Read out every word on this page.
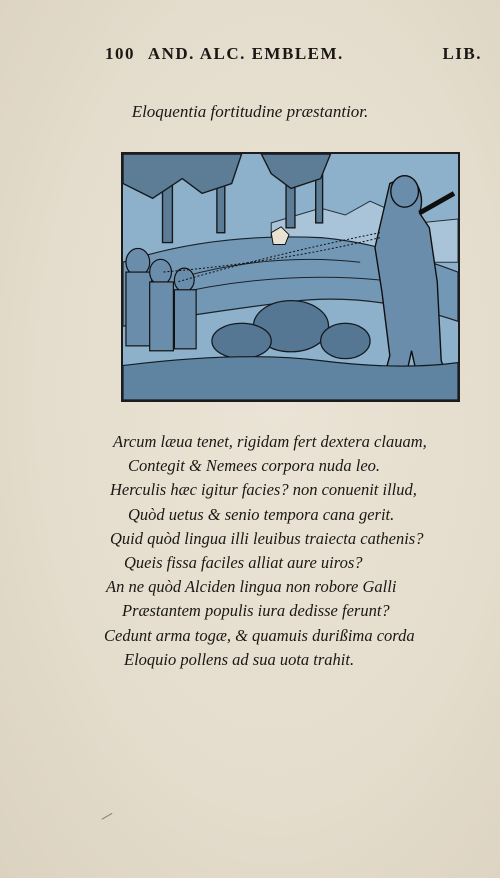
100 AND. ALC. EMBLEM.	LIB.
Eloquentia fortitudine præstantior.
Arcum læua tenet, rigidam fert dextera clauam,
Contegit & Nemees corpora nuda leo.
Herculis hæc igitur facies? non conuenit illud,
Quòd uetus & senio tempora cana gerit.
Quid quòd lingua illi leuibus traiecta cathenis?
Queis fissa faciles alliat aure uiros?
An ne quòd Alciden lingua non robore Galli
Præstantem populis iura dedisse ferunt?
Cedunt arma togæ, & quamuis durißima corda
Eloquio pollens ad sua uota trahit.
